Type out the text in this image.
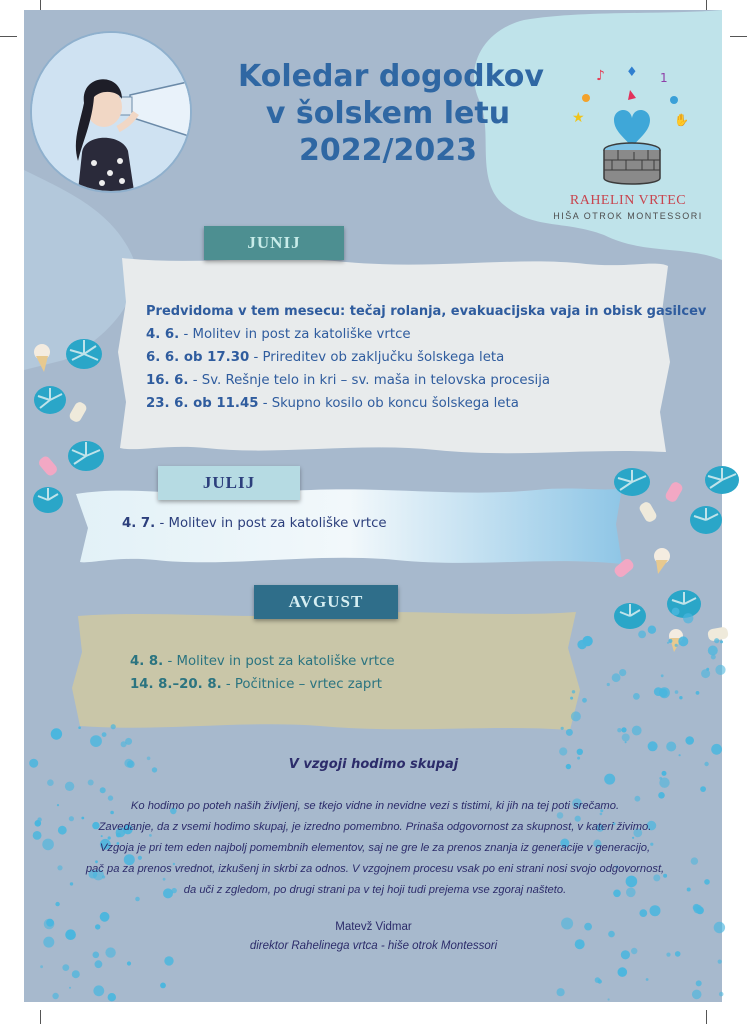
Koledar dogodkov
v šolskem letu
2022/2023
♪ ♦ 1
★	✋
RAHELIN VRTEC
HIŠA OTROK MONTESSORI
JUNIJ
Predvidoma v tem mesecu: tečaj rolanja, evakuacijska vaja in obisk gasilcev
4. 6. - Molitev in post za katoliške vrtce
6. 6. ob 17.30 - Prireditev ob zaključku šolskega leta
16. 6. - Sv. Rešnje telo in kri – sv. maša in telovska procesija
23. 6. ob 11.45 - Skupno kosilo ob koncu šolskega leta
JULIJ
4. 7. - Molitev in post za katoliške vrtce
AVGUST
4. 8. - Molitev in post za katoliške vrtce
14. 8.–20. 8. - Počitnice – vrtec zaprt
V vzgoji hodimo skupaj
Ko hodimo po poteh naših življenj, se tkejo vidne in nevidne vezi s tistimi, ki jih na tej poti srečamo.
Zavedanje, da z vsemi hodimo skupaj, je izredno pomembno. Prinaša odgovornost za skupnost, v kateri živimo.
Vzgoja je pri tem eden najbolj pomembnih elementov, saj ne gre le za prenos znanja iz generacije v generacijo,
pač pa za prenos vrednot, izkušenj in skrbi za odnos. V vzgojnem procesu vsak po eni strani nosi svojo odgovornost,
da uči z zgledom, po drugi strani pa v tej hoji tudi prejema vse zgoraj našteto.
Matevž Vidmar
direktor Rahelinega vrtca - hiše otrok Montessori
